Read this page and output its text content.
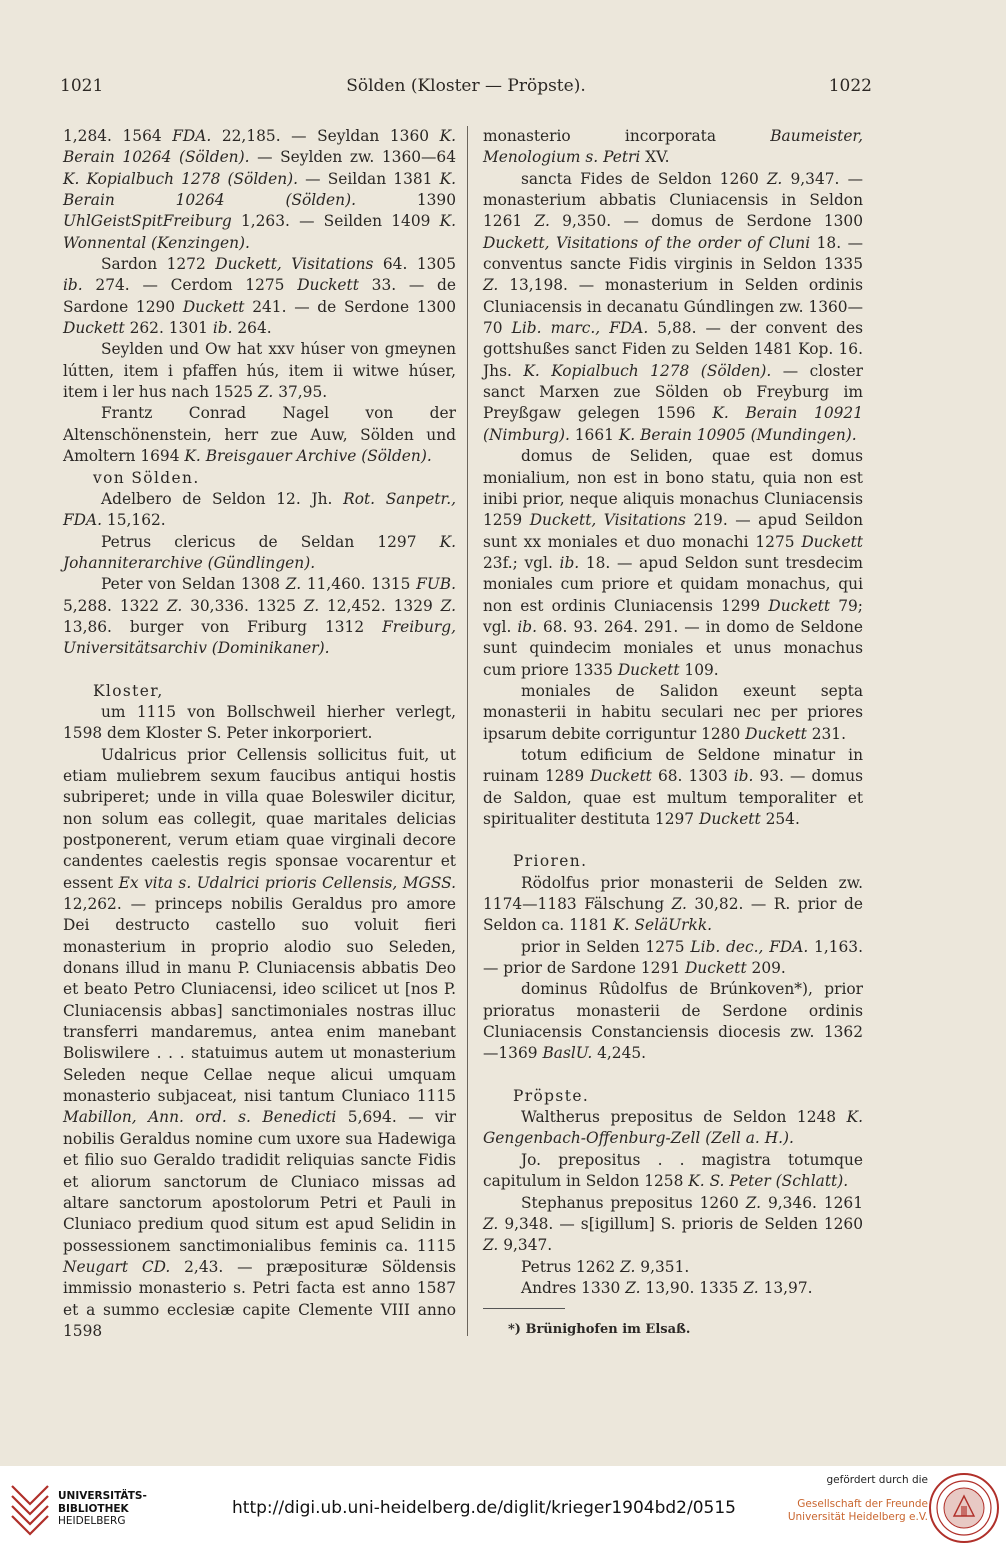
1021	Sölden (Kloster — Pröpste).	1022

1,284. 1564 FDA. 22,185. — Seyldan 1360 K. Berain 10264 (Sölden). — Seylden zw. 1360—64 K. Kopialbuch 1278 (Sölden). — Seildan 1381 K. Berain 10264 (Sölden). 1390 UhlGeistSpitFreiburg 1,263. — Seilden 1409 K. Wonnental (Kenzingen).

Sardon 1272 Duckett, Visitations 64. 1305 ib. 274. — Cerdom 1275 Duckett 33. — de Sardone 1290 Duckett 241. — de Serdone 1300 Duckett 262. 1301 ib. 264.

Seylden und Ow hat xxv húser von gmeynen lútten, item i pfaffen hús, item ii witwe húser, item i ler hus nach 1525 Z. 37,95.

Frantz Conrad Nagel von der Altenschönenstein, herr zue Auw, Sölden und Amoltern 1694 K. Breisgauer Archive (Sölden).

von Sölden.

Adelbero de Seldon 12. Jh. Rot. Sanpetr., FDA. 15,162.

Petrus clericus de Seldan 1297 K. Johanniterarchive (Gündlingen).

Peter von Seldan 1308 Z. 11,460. 1315 FUB. 5,288. 1322 Z. 30,336. 1325 Z. 12,452. 1329 Z. 13,86. burger von Friburg 1312 Freiburg, Universitätsarchiv (Dominikaner).

Kloster,

um 1115 von Bollschweil hierher verlegt, 1598 dem Kloster S. Peter inkorporiert.

Udalricus prior Cellensis sollicitus fuit, ut etiam muliebrem sexum faucibus antiqui hostis subriperet; unde in villa quae Boleswiler dicitur, non solum eas collegit, quae maritales delicias postponerent, verum etiam quae virginali decore candentes caelestis regis sponsae vocarentur et essent Ex vita s. Udalrici prioris Cellensis, MGSS. 12,262. — princeps nobilis Geraldus pro amore Dei destructo castello suo voluit fieri monasterium in proprio alodio suo Seleden, donans illud in manu P. Cluniacensis abbatis Deo et beato Petro Cluniacensi, ideo scilicet ut [nos P. Cluniacensis abbas] sanctimoniales nostras illuc transferri mandaremus, antea enim manebant Boliswilere . . . statuimus autem ut monasterium Seleden neque Cellae neque alicui umquam monasterio subjaceat, nisi tantum Cluniaco 1115 Mabillon, Ann. ord. s. Benedicti 5,694. — vir nobilis Geraldus nomine cum uxore sua Hadewiga et filio suo Geraldo tradidit reliquias sancte Fidis et aliorum sanctorum de Cluniaco missas ad altare sanctorum apostolorum Petri et Pauli in Cluniaco predium quod situm est apud Selidin in possessionem sanctimonialibus feminis ca. 1115 Neugart CD. 2,43. — præposituræ Söldensis immissio monasterio s. Petri facta est anno 1587 et a summo ecclesiæ capite Clemente VIII anno 1598

monasterio incorporata Baumeister, Menologium s. Petri XV.

sancta Fides de Seldon 1260 Z. 9,347. — monasterium abbatis Cluniacensis in Seldon 1261 Z. 9,350. — domus de Serdone 1300 Duckett, Visitations of the order of Cluni 18. — conventus sancte Fidis virginis in Seldon 1335 Z. 13,198. — monasterium in Selden ordinis Cluniacensis in decanatu Gúndlingen zw. 1360—70 Lib. marc., FDA. 5,88. — der convent des gottshußes sanct Fiden zu Selden 1481 Kop. 16. Jhs. K. Kopialbuch 1278 (Sölden). — closter sanct Marxen zue Sölden ob Freyburg im Preyßgaw gelegen 1596 K. Berain 10921 (Nimburg). 1661 K. Berain 10905 (Mundingen).

domus de Seliden, quae est domus monialium, non est in bono statu, quia non est inibi prior, neque aliquis monachus Cluniacensis 1259 Duckett, Visitations 219. — apud Seildon sunt xx moniales et duo monachi 1275 Duckett 23f.; vgl. ib. 18. — apud Seldon sunt tresdecim moniales cum priore et quidam monachus, qui non est ordinis Cluniacensis 1299 Duckett 79; vgl. ib. 68. 93. 264. 291. — in domo de Seldone sunt quindecim moniales et unus monachus cum priore 1335 Duckett 109.

moniales de Salidon exeunt septa monasterii in habitu seculari nec per priores ipsarum debite corriguntur 1280 Duckett 231.

totum edificium de Seldone minatur in ruinam 1289 Duckett 68. 1303 ib. 93. — domus de Saldon, quae est multum temporaliter et spiritualiter destituta 1297 Duckett 254.

Prioren.

Rödolfus prior monasterii de Selden zw. 1174—1183 Fälschung Z. 30,82. — R. prior de Seldon ca. 1181 K. SeläUrkk.

prior in Selden 1275 Lib. dec., FDA. 1,163. — prior de Sardone 1291 Duckett 209.

dominus Rûdolfus de Brúnkoven*), prior prioratus monasterii de Serdone ordinis Cluniacensis Constanciensis diocesis zw. 1362 —1369 BaslU. 4,245.

Pröpste.

Waltherus prepositus de Seldon 1248 K. Gengenbach-Offenburg-Zell (Zell a. H.).

Jo. prepositus . . magistra totumque capitulum in Seldon 1258 K. S. Peter (Schlatt).

Stephanus prepositus 1260 Z. 9,346. 1261 Z. 9,348. — s[igillum] S. prioris de Selden 1260 Z. 9,347.

Petrus 1262 Z. 9,351.

Andres 1330 Z. 13,90. 1335 Z. 13,97.

*) Brünighofen im Elsaß.
UNIVERSITÄTS-
BIBLIOTHEK
HEIDELBERG
http://digi.ub.uni-heidelberg.de/diglit/krieger1904bd2/0515
gefördert durch die
Gesellschaft der Freunde
Universität Heidelberg e.V.
